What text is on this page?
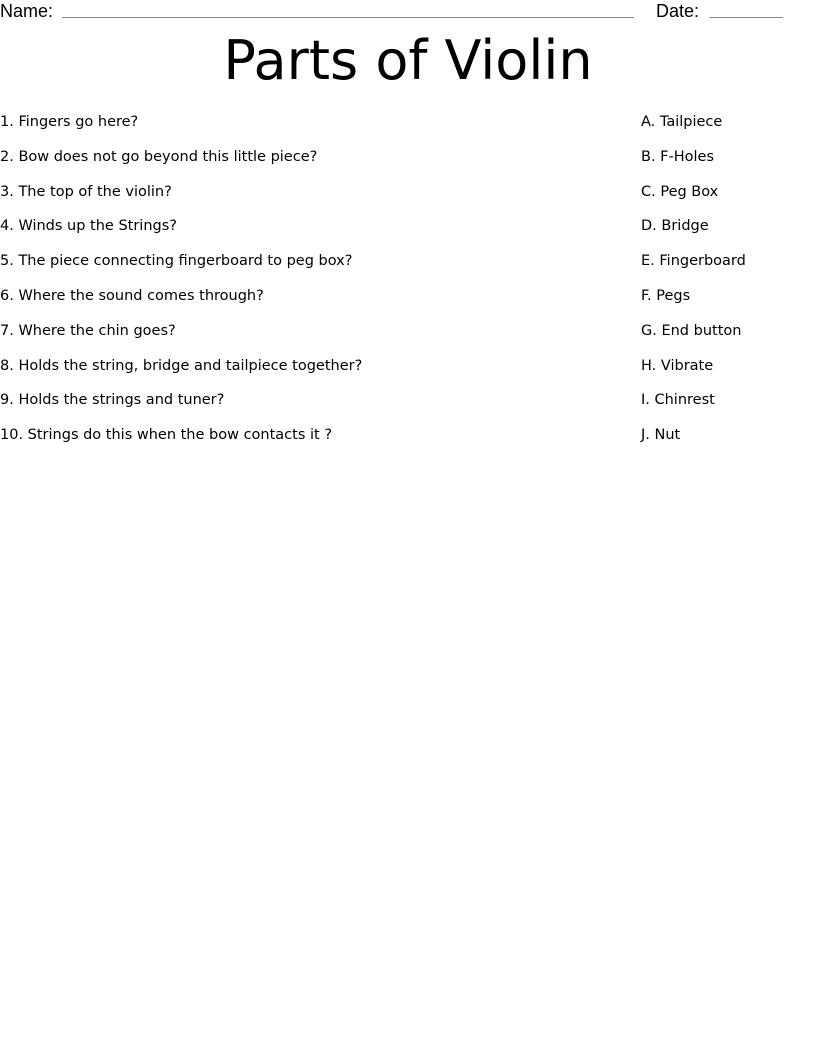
Name:	Date:
Parts of Violin
1. Fingers go here?
2. Bow does not go beyond this little piece?
3. The top of the violin?
4. Winds up the Strings?
5. The piece connecting fingerboard to peg box?
6. Where the sound comes through?
7. Where the chin goes?
8. Holds the string, bridge and tailpiece together?
9. Holds the strings and tuner?
10. Strings do this when the bow contacts it ?
A. Tailpiece
B. F-Holes
C. Peg Box
D. Bridge
E. Fingerboard
F. Pegs
G. End button
H. Vibrate
I. Chinrest
J. Nut
